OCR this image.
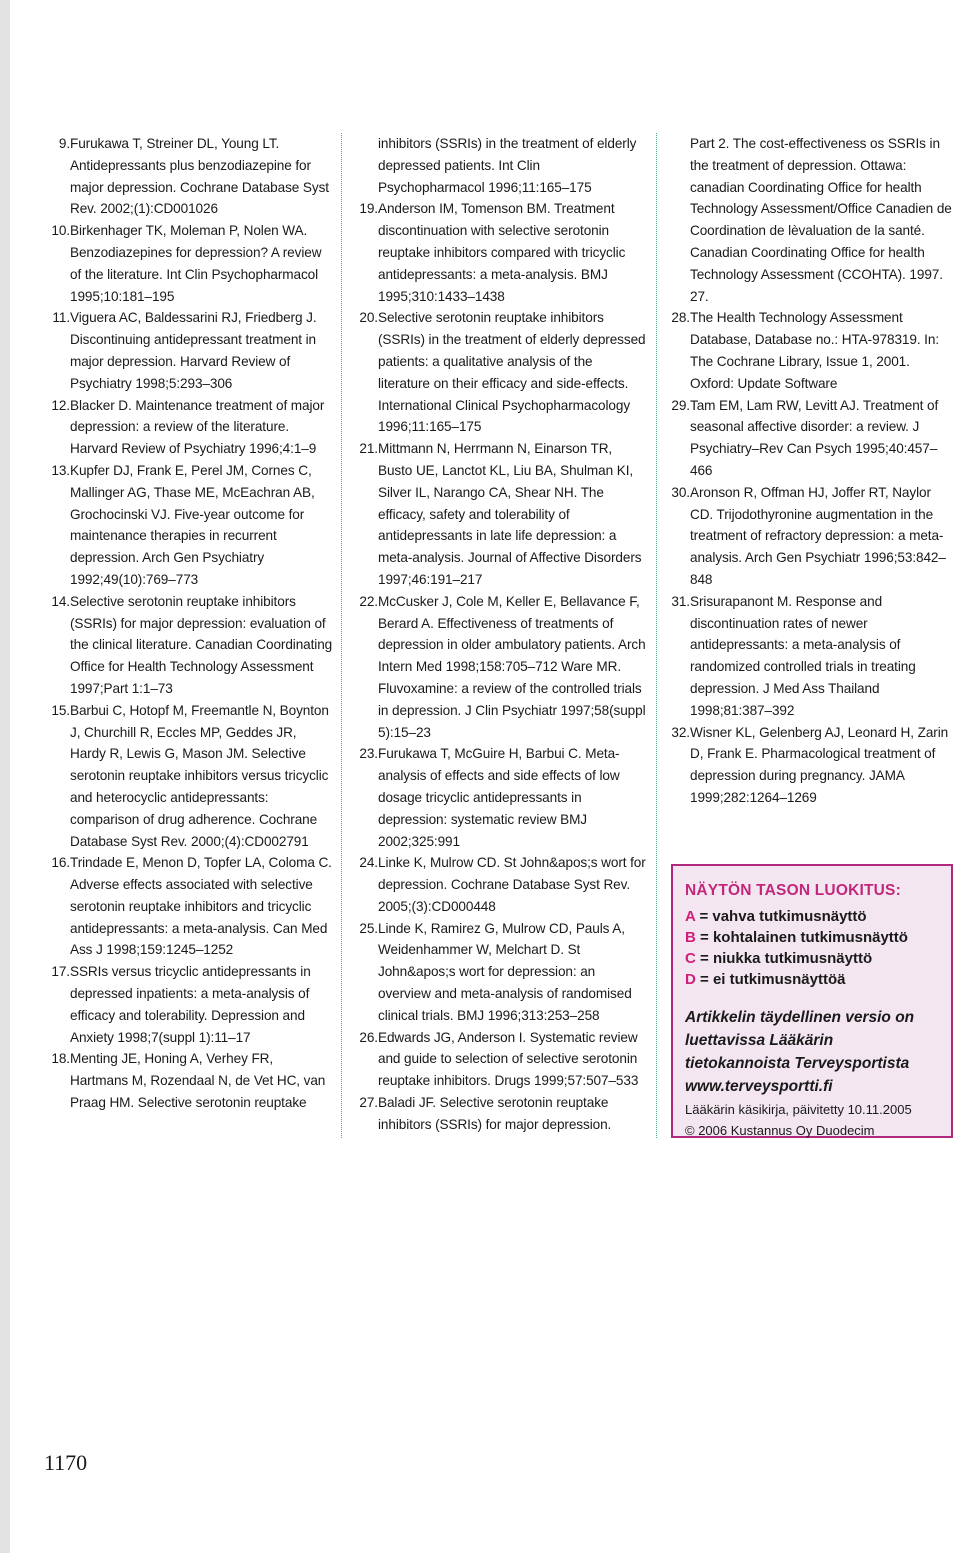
9. Furukawa T, Streiner DL, Young LT. Antidepressants plus benzodiazepine for major depression. Cochrane Database Syst Rev. 2002;(1):CD001026
10. Birkenhager TK, Moleman P, Nolen WA. Benzodiazepines for depression? A review of the literature. Int Clin Psychopharmacol 1995;10:181–195
11. Viguera AC, Baldessarini RJ, Friedberg J. Discontinuing antidepressant treatment in major depression. Harvard Review of Psychiatry 1998;5:293–306
12. Blacker D. Maintenance treatment of major depression: a review of the literature. Harvard Review of Psychiatry 1996;4:1–9
13. Kupfer DJ, Frank E, Perel JM, Cornes C, Mallinger AG, Thase ME, McEachran AB, Grochocinski VJ. Five-year outcome for maintenance therapies in recurrent depression. Arch Gen Psychiatry 1992;49(10):769–773
14. Selective serotonin reuptake inhibitors (SSRIs) for major depression: evaluation of the clinical literature. Canadian Coordinating Office for Health Technology Assessment 1997;Part 1:1–73
15. Barbui C, Hotopf M, Freemantle N, Boynton J, Churchill R, Eccles MP, Geddes JR, Hardy R, Lewis G, Mason JM. Selective serotonin reuptake inhibitors versus tricyclic and heterocyclic antidepressants: comparison of drug adherence. Cochrane Database Syst Rev. 2000;(4):CD002791
16. Trindade E, Menon D, Topfer LA, Coloma C. Adverse effects associated with selective serotonin reuptake inhibitors and tricyclic antidepressants: a meta-analysis. Can Med Ass J 1998;159:1245–1252
17. SSRIs versus tricyclic antidepressants in depressed inpatients: a meta-analysis of efficacy and tolerability. Depression and Anxiety 1998;7(suppl 1):11–17
18. Menting JE, Honing A, Verhey FR, Hartmans M, Rozendaal N, de Vet HC, van Praag HM. Selective serotonin reuptake
inhibitors (SSRIs) in the treatment of elderly depressed patients. Int Clin Psychopharmacol 1996;11:165–175
19. Anderson IM, Tomenson BM. Treatment discontinuation with selective serotonin reuptake inhibitors compared with tricyclic antidepressants: a meta-analysis. BMJ 1995;310:1433–1438
20. Selective serotonin reuptake inhibitors (SSRIs) in the treatment of elderly depressed patients: a qualitative analysis of the literature on their efficacy and side-effects. International Clinical Psychopharmacology 1996;11:165–175
21. Mittmann N, Herrmann N, Einarson TR, Busto UE, Lanctot KL, Liu BA, Shulman KI, Silver IL, Narango CA, Shear NH. The efficacy, safety and tolerability of antidepressants in late life depression: a meta-analysis. Journal of Affective Disorders 1997;46:191–217
22. McCusker J, Cole M, Keller E, Bellavance F, Berard A. Effectiveness of treatments of depression in older ambulatory patients. Arch Intern Med 1998;158:705–712 Ware MR. Fluvoxamine: a review of the controlled trials in depression. J Clin Psychiatr 1997;58(suppl 5):15–23
23. Furukawa T, McGuire H, Barbui C. Meta-analysis of effects and side effects of low dosage tricyclic antidepressants in depression: systematic review BMJ 2002;325:991
24. Linke K, Mulrow CD. St John&apos;s wort for depression. Cochrane Database Syst Rev. 2005;(3):CD000448
25. Linde K, Ramirez G, Mulrow CD, Pauls A, Weidenhammer W, Melchart D. St John&apos;s wort for depression: an overview and meta-analysis of randomised clinical trials. BMJ 1996;313:253–258
26. Edwards JG, Anderson I. Systematic review and guide to selection of selective serotonin reuptake inhibitors. Drugs 1999;57:507–533
27. Baladi JF. Selective serotonin reuptake inhibitors (SSRIs) for major depression.
Part 2. The cost-effectiveness os SSRIs in the treatment of depression. Ottawa: canadian Coordinating Office for health Technology Assessment/Office Canadien de Coordination de lèvaluation de la santé. Canadian Coordinating Office for health Technology Assessment (CCOHTA). 1997. 27.
28. The Health Technology Assessment Database, Database no.: HTA-978319. In: The Cochrane Library, Issue 1, 2001. Oxford: Update Software
29. Tam EM, Lam RW, Levitt AJ. Treatment of seasonal affective disorder: a review. J Psychiatry–Rev Can Psych 1995;40:457–466
30. Aronson R, Offman HJ, Joffer RT, Naylor CD. Trijodothyronine augmentation in the treatment of refractory depression: a meta-analysis. Arch Gen Psychiatr 1996;53:842–848
31. Srisurapanont M. Response and discontinuation rates of newer antidepressants: a meta-analysis of randomized controlled trials in treating depression. J Med Ass Thailand 1998;81:387–392
32. Wisner KL, Gelenberg AJ, Leonard H, Zarin D, Frank E. Pharmacological treatment of depression during pregnancy. JAMA 1999;282:1264–1269
NÄYTÖN TASON LUOKITUS:
A = vahva tutkimusnäyttö
B = kohtalainen tutkimusnäyttö
C = niukka tutkimusnäyttö
D = ei tutkimusnäyttöä
Artikkelin täydellinen versio on luettavissa Lääkärin tietokannoista Terveysportista www.terveysportti.fi
Lääkärin käsikirja, päivitetty 10.11.2005
© 2006 Kustannus Oy Duodecim
1170
